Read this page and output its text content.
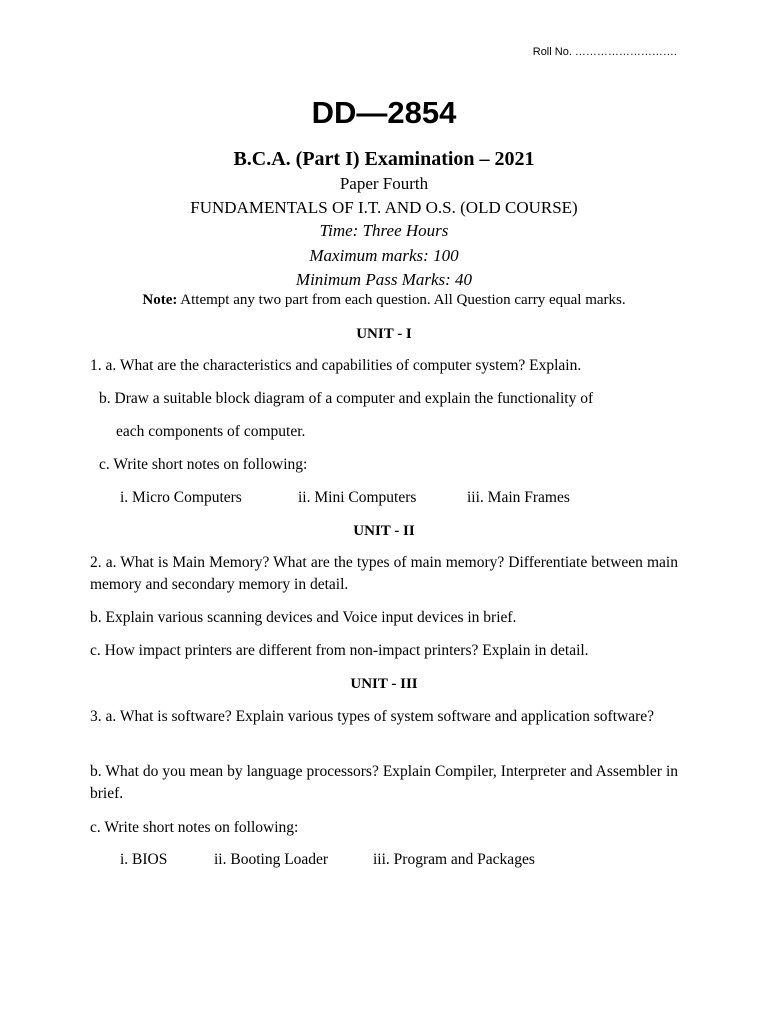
Roll No. ……………………….
DD—2854
B.C.A. (Part I) Examination – 2021
Paper Fourth
FUNDAMENTALS OF I.T. AND O.S. (OLD COURSE)
Time: Three Hours
Maximum marks: 100
Minimum Pass Marks: 40
Note: Attempt any two part from each question. All Question carry equal marks.
UNIT - I
1. a. What are the characteristics and capabilities of computer system? Explain.
b. Draw a suitable block diagram of a computer and explain the functionality of
each components of computer.
c. Write short notes on following:
i. Micro Computers	ii. Mini Computers	iii. Main Frames
UNIT - II
2. a. What is Main Memory? What are the types of main memory? Differentiate between main memory and secondary memory in detail.
b. Explain various scanning devices and Voice input devices in brief.
c. How impact printers are different from non-impact printers? Explain in detail.
UNIT - III
3. a. What is software? Explain various types of system software and application software?
b. What do you mean by language processors? Explain Compiler, Interpreter and Assembler in brief.
c. Write short notes on following:
i. BIOS	ii. Booting Loader	iii. Program and Packages
